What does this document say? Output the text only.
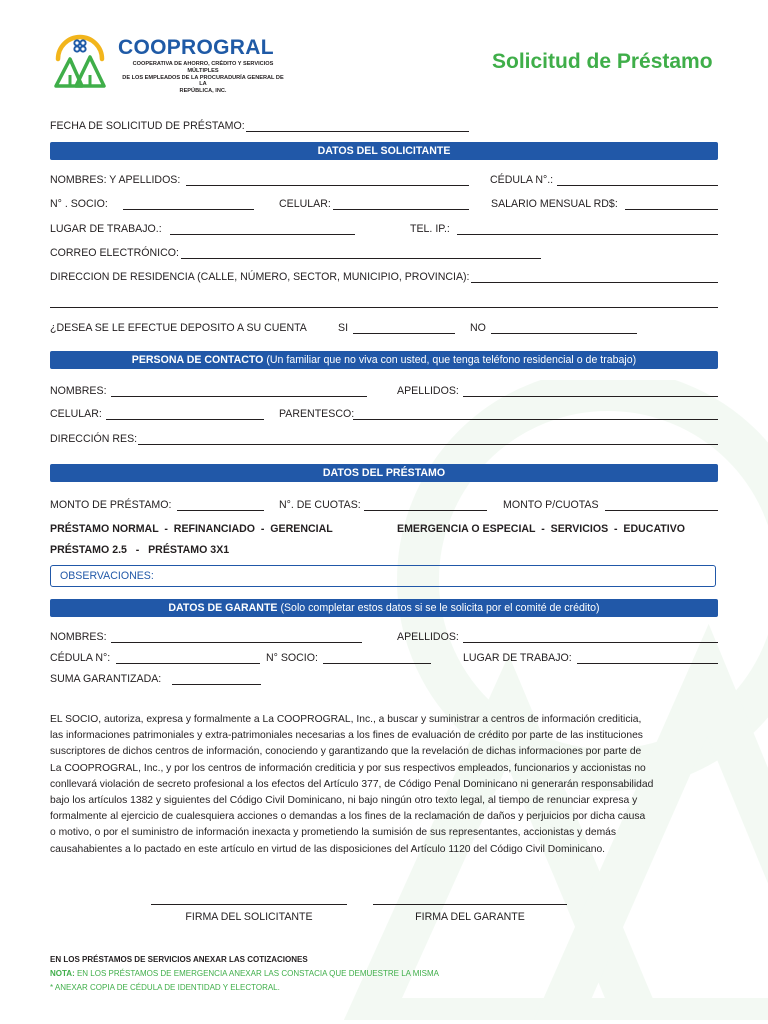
COOPROGRAL
COOPERATIVA DE AHORRO, CRÉDITO Y SERVICIOS MÚLTIPLES
DE LOS EMPLEADOS DE LA PROCURADURÍA GENERAL DE LA
REPÚBLICA, INC.
Solicitud de Préstamo
FECHA DE SOLICITUD DE PRÉSTAMO:
DATOS DEL SOLICITANTE
NOMBRES: Y APELLIDOS:	CÉDULA N°.:
N° . SOCIO:	CELULAR:	SALARIO MENSUAL RD$:
LUGAR DE TRABAJO.:	TEL. IP.:
CORREO ELECTRÓNICO:
DIRECCION DE RESIDENCIA (CALLE, NÚMERO, SECTOR, MUNICIPIO, PROVINCIA):
¿DESEA SE LE EFECTUE DEPOSITO A SU CUENTA	SI	NO
PERSONA DE CONTACTO (Un familiar que no viva con usted, que tenga teléfono residencial o de trabajo)
NOMBRES:	APELLIDOS:
CELULAR:	PARENTESCO:
DIRECCIÓN RES:
DATOS DEL PRÉSTAMO
MONTO DE PRÉSTAMO:	N°. DE CUOTAS:	MONTO P/CUOTAS
PRÉSTAMO NORMAL  -  REFINANCIADO  -  GERENCIAL	EMERGENCIA O ESPECIAL  -  SERVICIOS  -  EDUCATIVO
PRÉSTAMO 2.5   -   PRÉSTAMO 3X1
OBSERVACIONES:
DATOS DE GARANTE (Solo completar estos datos si se le solicita por el comité de crédito)
NOMBRES:	APELLIDOS:
CÉDULA N°:	N° SOCIO:	LUGAR DE TRABAJO:
SUMA GARANTIZADA:
EL SOCIO, autoriza, expresa y formalmente a La COOPROGRAL, Inc., a buscar y suministrar a centros de información crediticia,
las informaciones patrimoniales y extra-patrimoniales necesarias a los fines de evaluación de crédito por parte de las instituciones
suscriptores de dichos centros de información, conociendo y garantizando que la revelación de dichas informaciones por parte de
La COOPROGRAL, Inc., y por los centros de información crediticia y por sus respectivos empleados, funcionarios y accionistas no
conllevará violación de secreto profesional a los efectos del Artículo 377, de Código Penal Dominicano ni generarán responsabilidad
bajo los artículos 1382 y siguientes del Código Civil Dominicano, ni bajo ningún otro texto legal, al tiempo de renunciar expresa y
formalmente al ejercicio de cualesquiera acciones o demandas a los fines de la reclamación de daños y perjuicios por dicha causa
o motivo, o por el suministro de información inexacta y prometiendo la sumisión de sus representantes, accionistas y demás
causahabientes a lo pactado en este artículo en virtud de las disposiciones del Artículo 1120 del Código Civil Dominicano.
FIRMA DEL SOLICITANTE	FIRMA DEL GARANTE
EN LOS PRÉSTAMOS DE SERVICIOS ANEXAR LAS COTIZACIONES
NOTA: EN LOS PRÉSTAMOS DE EMERGENCIA ANEXAR LAS CONSTACIA QUE DEMUESTRE LA MISMA
* ANEXAR COPIA DE CÉDULA DE IDENTIDAD Y ELECTORAL.
